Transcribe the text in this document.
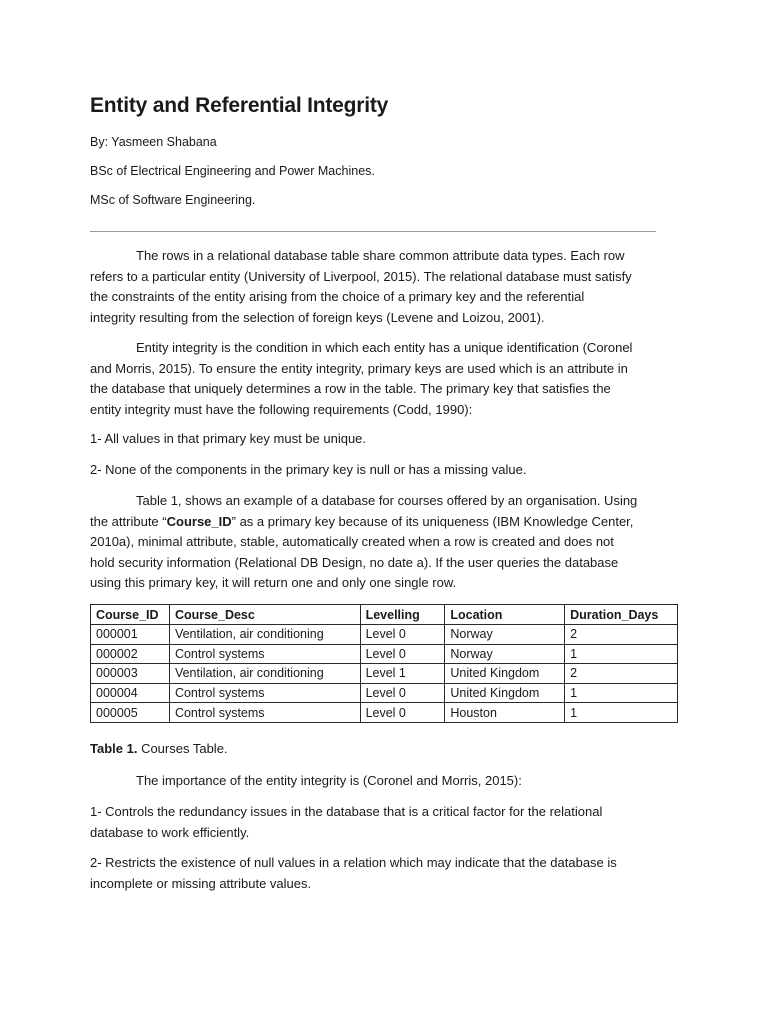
Entity and Referential Integrity

By: Yasmeen Shabana

BSc of Electrical Engineering and Power Machines.

MSc of Software Engineering.

The rows in a relational database table share common attribute data types. Each row
refers to a particular entity (University of Liverpool, 2015). The relational database must satisfy
the constraints of the entity arising from the choice of a primary key and the referential
integrity resulting from the selection of foreign keys (Levene and Loizou, 2001).

Entity integrity is the condition in which each entity has a unique identification (Coronel
and Morris, 2015). To ensure the entity integrity, primary keys are used which is an attribute in
the database that uniquely determines a row in the table. The primary key that satisfies the
entity integrity must have the following requirements (Codd, 1990):

1- All values in that primary key must be unique.

2- None of the components in the primary key is null or has a missing value.

Table 1, shows an example of a database for courses offered by an organisation. Using
the attribute “Course_ID” as a primary key because of its uniqueness (IBM Knowledge Center,
2010a), minimal attribute, stable, automatically created when a row is created and does not
hold security information (Relational DB Design, no date a). If the user queries the database
using this primary key, it will return one and only one single row.

Course_ID	Course_Desc	Levelling	Location	Duration_Days
000001	Ventilation, air conditioning	Level 0	Norway	2
000002	Control systems	Level 0	Norway	1
000003	Ventilation, air conditioning	Level 1	United Kingdom	2
000004	Control systems	Level 0	United Kingdom	1
000005	Control systems	Level 0	Houston	1

Table 1. Courses Table.

The importance of the entity integrity is (Coronel and Morris, 2015):

1- Controls the redundancy issues in the database that is a critical factor for the relational
database to work efficiently.

2- Restricts the existence of null values in a relation which may indicate that the database is
incomplete or missing attribute values.
